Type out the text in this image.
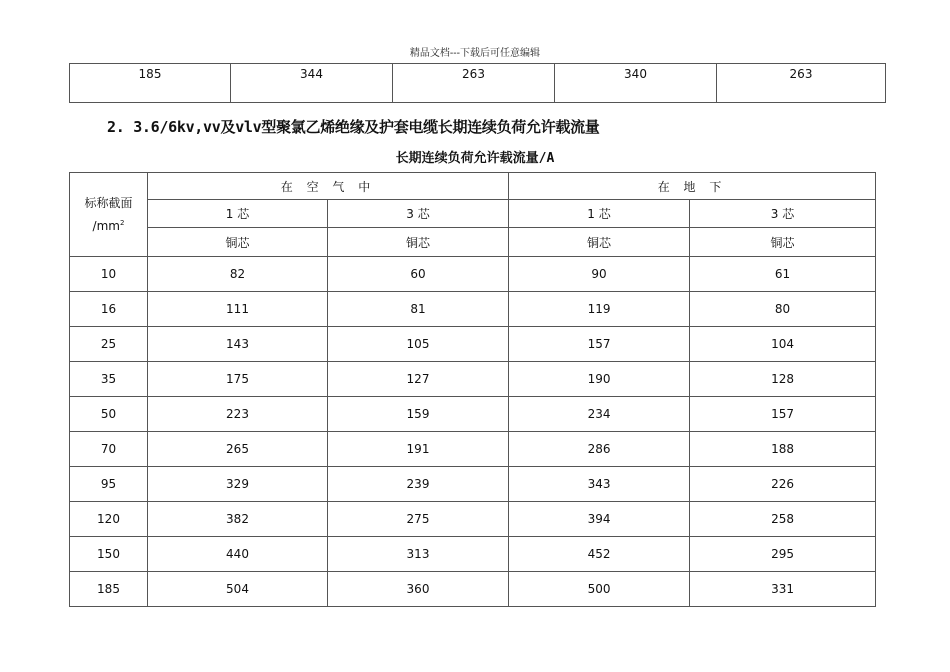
精品文档---下载后可任意编辑
185	344	263	340	263
2. 3.6/6kv,vv及vlv型聚氯乙烯绝缘及护套电缆长期连续负荷允许载流量
长期连续负荷允许载流量/A
标称截面
$/mm^2$	在 空 气 中		在 地 下	
	1 芯	3 芯	1 芯	3 芯
	铜芯	铜芯	铜芯	铜芯
10	82	60	90	61
16	111	81	119	80
25	143	105	157	104
35	175	127	190	128
50	223	159	234	157
70	265	191	286	188
95	329	239	343	226
120	382	275	394	258
150	440	313	452	295
185	504	360	500	331
